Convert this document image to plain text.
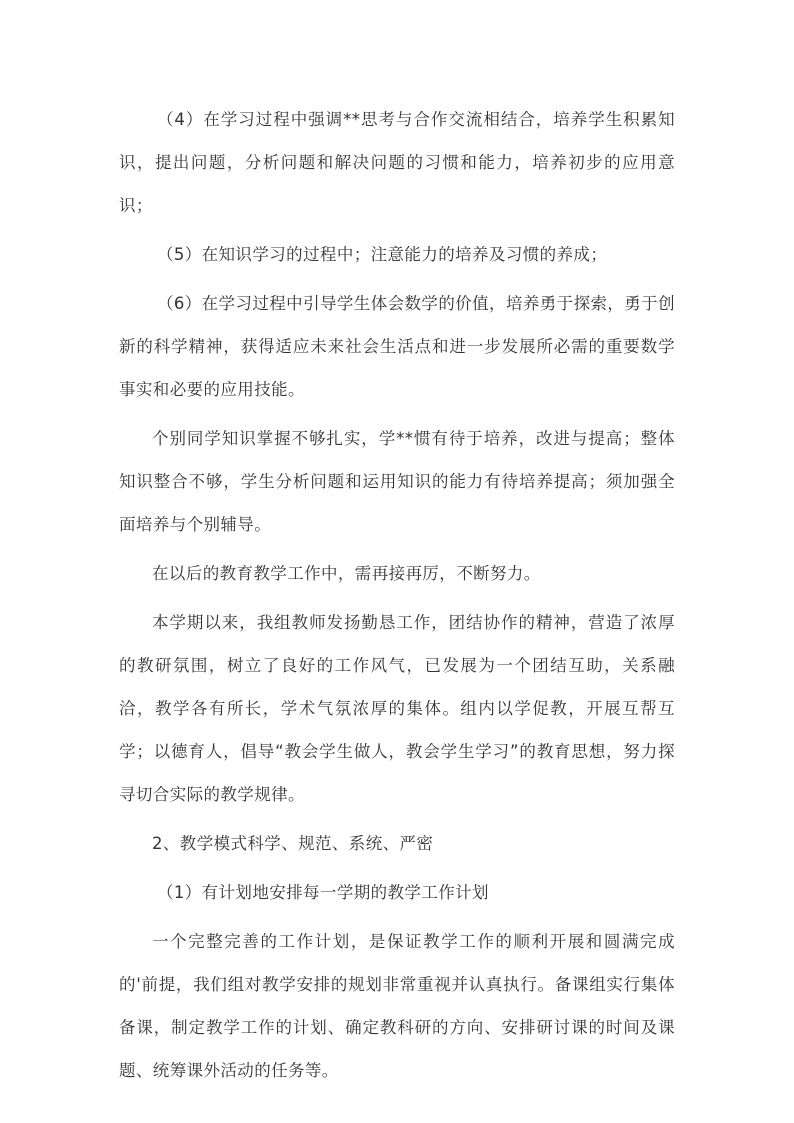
（4）在学习过程中强调**思考与合作交流相结合，培养学生积累知识，提出问题，分析问题和解决问题的习惯和能力，培养初步的应用意识；

（5）在知识学习的过程中；注意能力的培养及习惯的养成；

（6）在学习过程中引导学生体会数学的价值，培养勇于探索，勇于创新的科学精神，获得适应未来社会生活点和进一步发展所必需的重要数学事实和必要的应用技能。

个别同学知识掌握不够扎实，学**惯有待于培养，改进与提高；整体知识整合不够，学生分析问题和运用知识的能力有待培养提高；须加强全面培养与个别辅导。

在以后的教育教学工作中，需再接再厉，不断努力。

本学期以来，我组教师发扬勤恳工作，团结协作的精神，营造了浓厚的教研氛围，树立了良好的工作风气，已发展为一个团结互助，关系融洽，教学各有所长，学术气氛浓厚的集体。组内以学促教，开展互帮互学；以德育人，倡导“教会学生做人，教会学生学习”的教育思想，努力探寻切合实际的教学规律。

2、教学模式科学、规范、系统、严密

（1）有计划地安排每一学期的教学工作计划

一个完整完善的工作计划，是保证教学工作的顺利开展和圆满完成的'前提，我们组对教学安排的规划非常重视并认真执行。备课组实行集体备课，制定教学工作的计划、确定教科研的方向、安排研讨课的时间及课题、统筹课外活动的任务等。
